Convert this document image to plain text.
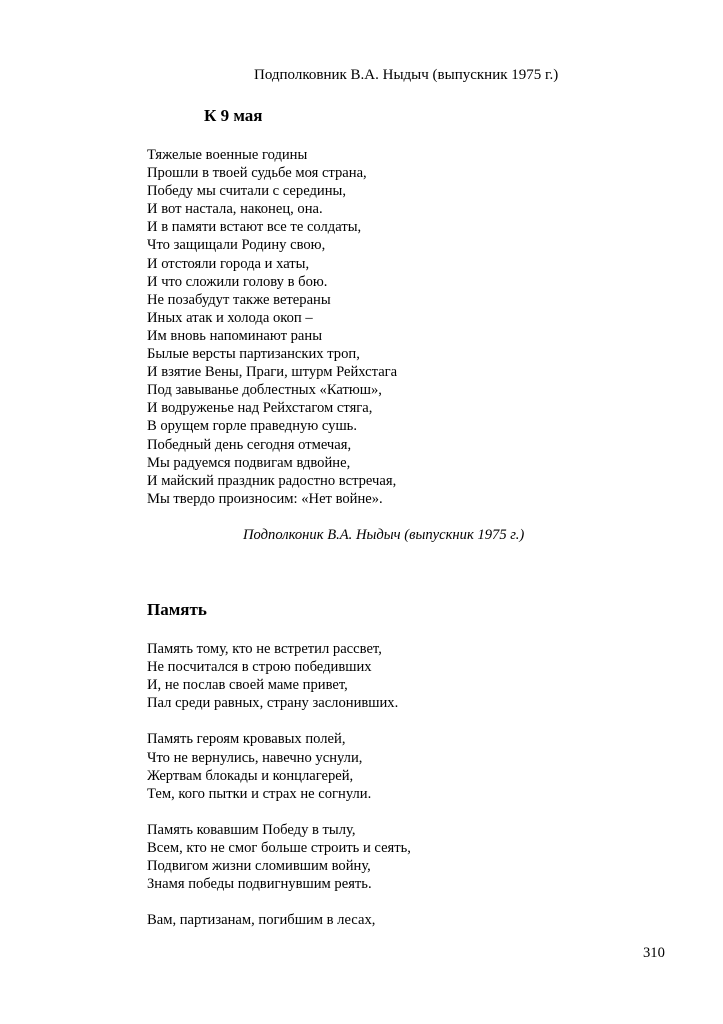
Подполковник В.А. Ныдыч (выпускник 1975 г.)
К 9 мая
Тяжелые военные годины
Прошли в твоей судьбе моя страна,
Победу мы считали с середины,
И вот настала, наконец, она.
И в памяти встают все те солдаты,
Что защищали Родину свою,
И отстояли города и хаты,
И что сложили голову в бою.
Не позабудут также ветераны
Иных атак и холода окоп –
Им вновь напоминают раны
Былые версты партизанских троп,
И взятие Вены, Праги, штурм Рейхстага
Под завыванье доблестных «Катюш»,
И водруженье над Рейхстагом стяга,
В орущем горле праведную сушь.
Победный день сегодня отмечая,
Мы радуемся подвигам вдвойне,
И майский праздник радостно встречая,
Мы твердо произносим: «Нет войне».
Подполконик В.А. Ныдыч (выпускник 1975 г.)
Память
Память тому, кто не встретил рассвет,
Не посчитался в строю победивших
И, не послав своей маме привет,
Пал среди равных, страну заслонивших.
Память героям кровавых полей,
Что не вернулись, навечно уснули,
Жертвам блокады и концлагерей,
Тем, кого пытки и страх не согнули.
Память ковавшим Победу в тылу,
Всем, кто не смог больше строить и сеять,
Подвигом жизни сломившим войну,
Знамя победы подвигнувшим реять.
Вам, партизанам, погибшим в лесах,
310
